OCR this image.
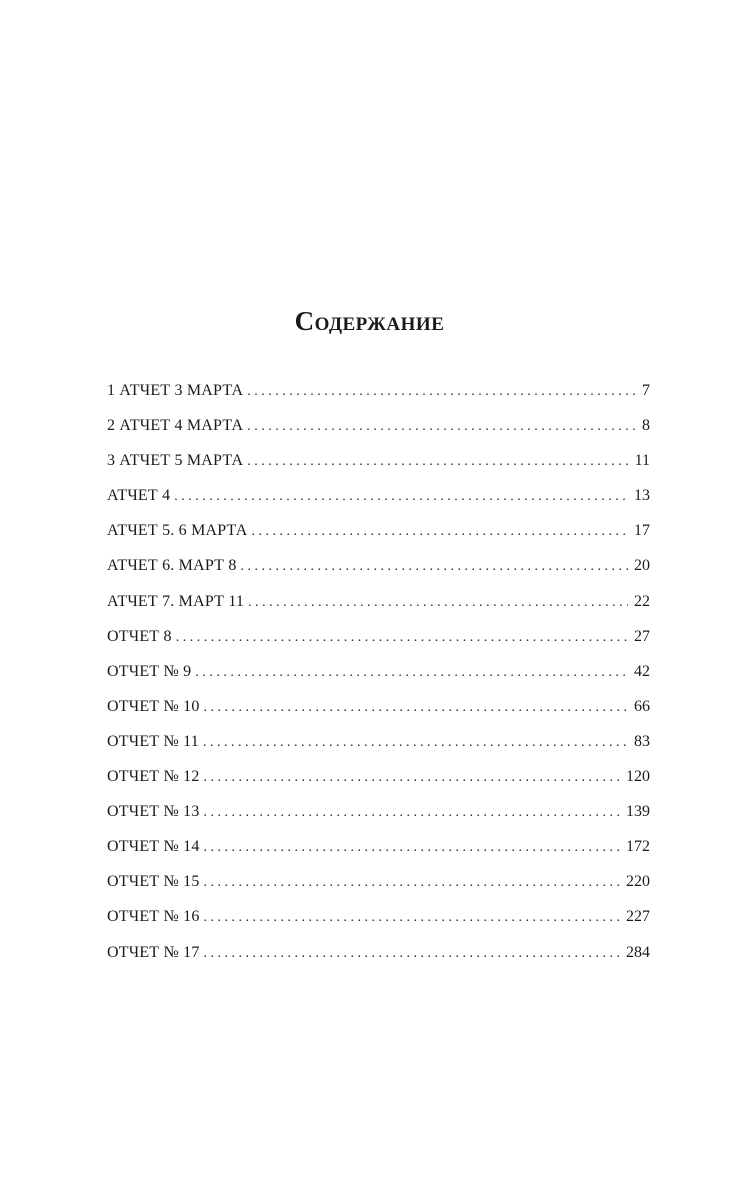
Содержание
1 АТЧЕТ 3 МАРТА . . .	7
2 АТЧЕТ 4 МАРТА . . .	8
3 АТЧЕТ 5 МАРТА . . .	11
АТЧЕТ 4 . . .	13
АТЧЕТ 5. 6 МАРТА . . .	17
АТЧЕТ 6. МАРТ 8 . . .	20
АТЧЕТ 7. МАРТ 11 . . .	22
ОТЧЕТ 8 . . .	27
ОТЧЕТ № 9 . . .	42
ОТЧЕТ № 10 . . .	66
ОТЧЕТ № 11 . . .	83
ОТЧЕТ № 12 . . .	120
ОТЧЕТ № 13 . . .	139
ОТЧЕТ № 14 . . .	172
ОТЧЕТ № 15 . . .	220
ОТЧЕТ № 16 . . .	227
ОТЧЕТ № 17 . . .	284
